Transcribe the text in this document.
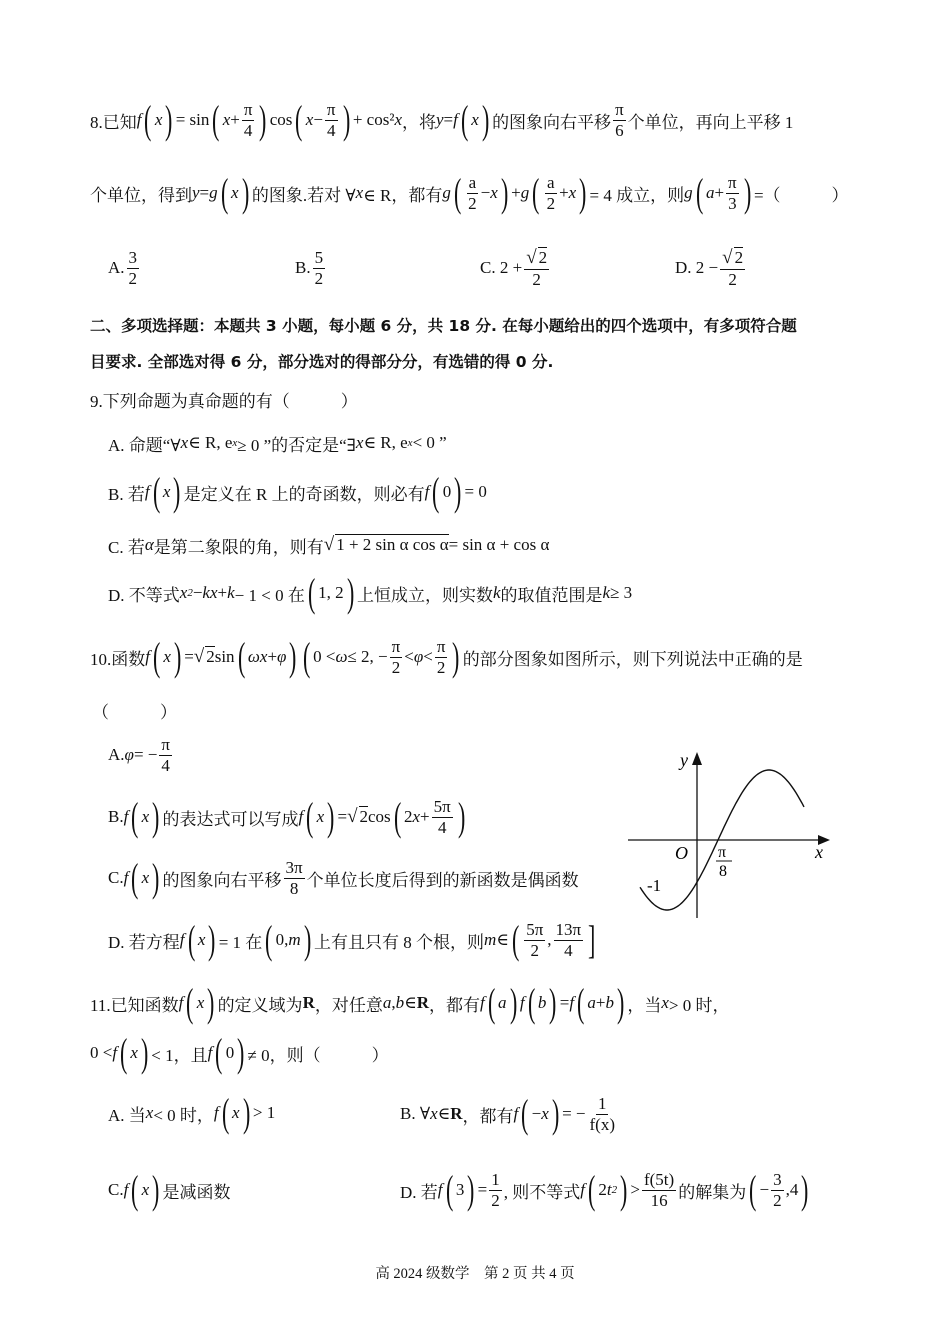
8.已知 f ( x ) = sin ( $x + \frac{\pi}{4}$ ) cos ( $x - \frac{\pi}{4}$ ) + cos² x ，将 y = f ( x ) 的图象向右平移 $\frac{\pi}{6}$ 个单位，再向上平移 1
个单位，得到 y = g ( x ) 的图象.若对 ∀ x ∈ R，都有 g ( $\frac{a}{2} - x$ ) + g ( $\frac{a}{2} + x$ ) = 4 成立，则 g ( $a + \frac{\pi}{3}$ ) =（　　　）
A. $\frac{3}{2}$	B. $\frac{5}{2}$	C. $2 + \frac{√ 2}{2}$	D. $2 - \frac{√ 2}{2}$
二、多项选择题：本题共 3 小题，每小题 6 分，共 18 分. 在每小题给出的四个选项中，有多项符合题
目要求. 全部选对得 6 分，部分选对的得部分分，有选错的得 0 分.
9.下列命题为真命题的有（　　　）
A. 命题“∀ x ∈ R, e x ≥ 0 ”的否定是“∃ x ∈ R, e x < 0 ”
B. 若 f ( x ) 是定义在 R 上的奇函数，则必有 f ( 0 ) = 0
C. 若 α 是第二象限的角，则有 √ 1 + 2 sin α cos α = sin α + cos α
D. 不等式 x 2 − kx + k − 1 < 0 在 ( 1, 2 ) 上恒成立，则实数 k 的取值范围是 k ≥ 3
10.函数 f ( x ) = √ 2 sin ( ωx + φ ) ( 0 < ω ≤ 2, − $\frac{\pi}{2} < \varphi < \frac{\pi}{2}$ ) 的部分图象如图所示，则下列说法中正确的是
（　　　）
A. φ = − $\frac{\pi}{4}$
B. f ( x ) 的表达式可以写成 f ( x ) = √ 2 cos ( 2 $x + \frac{5\pi}{4}$ )
C. f ( x ) 的图象向右平移 $\frac{3\pi}{8}$ 个单位长度后得到的新函数是偶函数
D. 若方程 f ( x ) = 1 在 ( 0, m ) 上有且只有 8 个根，则 m ∈ ( $\frac{5\pi}{2}$ , $\frac{13\pi}{4}$ ]
y
x
O
-1
π
8
11.已知函数 f ( x ) 的定义域为 R ，对任意 a , b ∈ R ，都有 f ( a ) f ( b ) = f ( a + b ) ，当 x > 0 时，
0 < f ( x ) < 1，且 f ( 0 ) ≠ 0，则（　　　）
A. 当 x < 0 时， f ( x ) > 1	B. ∀ x ∈ R ，都有 f ( − x ) = − $\frac{1}{f(x)}$
C. f ( x ) 是减函数	D. 若 f ( 3 ) = $\frac{1}{2}$ , 则不等式 f ( 2 t 2 ) > $\frac{f(5t)}{16}$ 的解集为 ( − $\frac{3}{2} ,4$ )
高 2024 级数学　第 2 页 共 4 页
